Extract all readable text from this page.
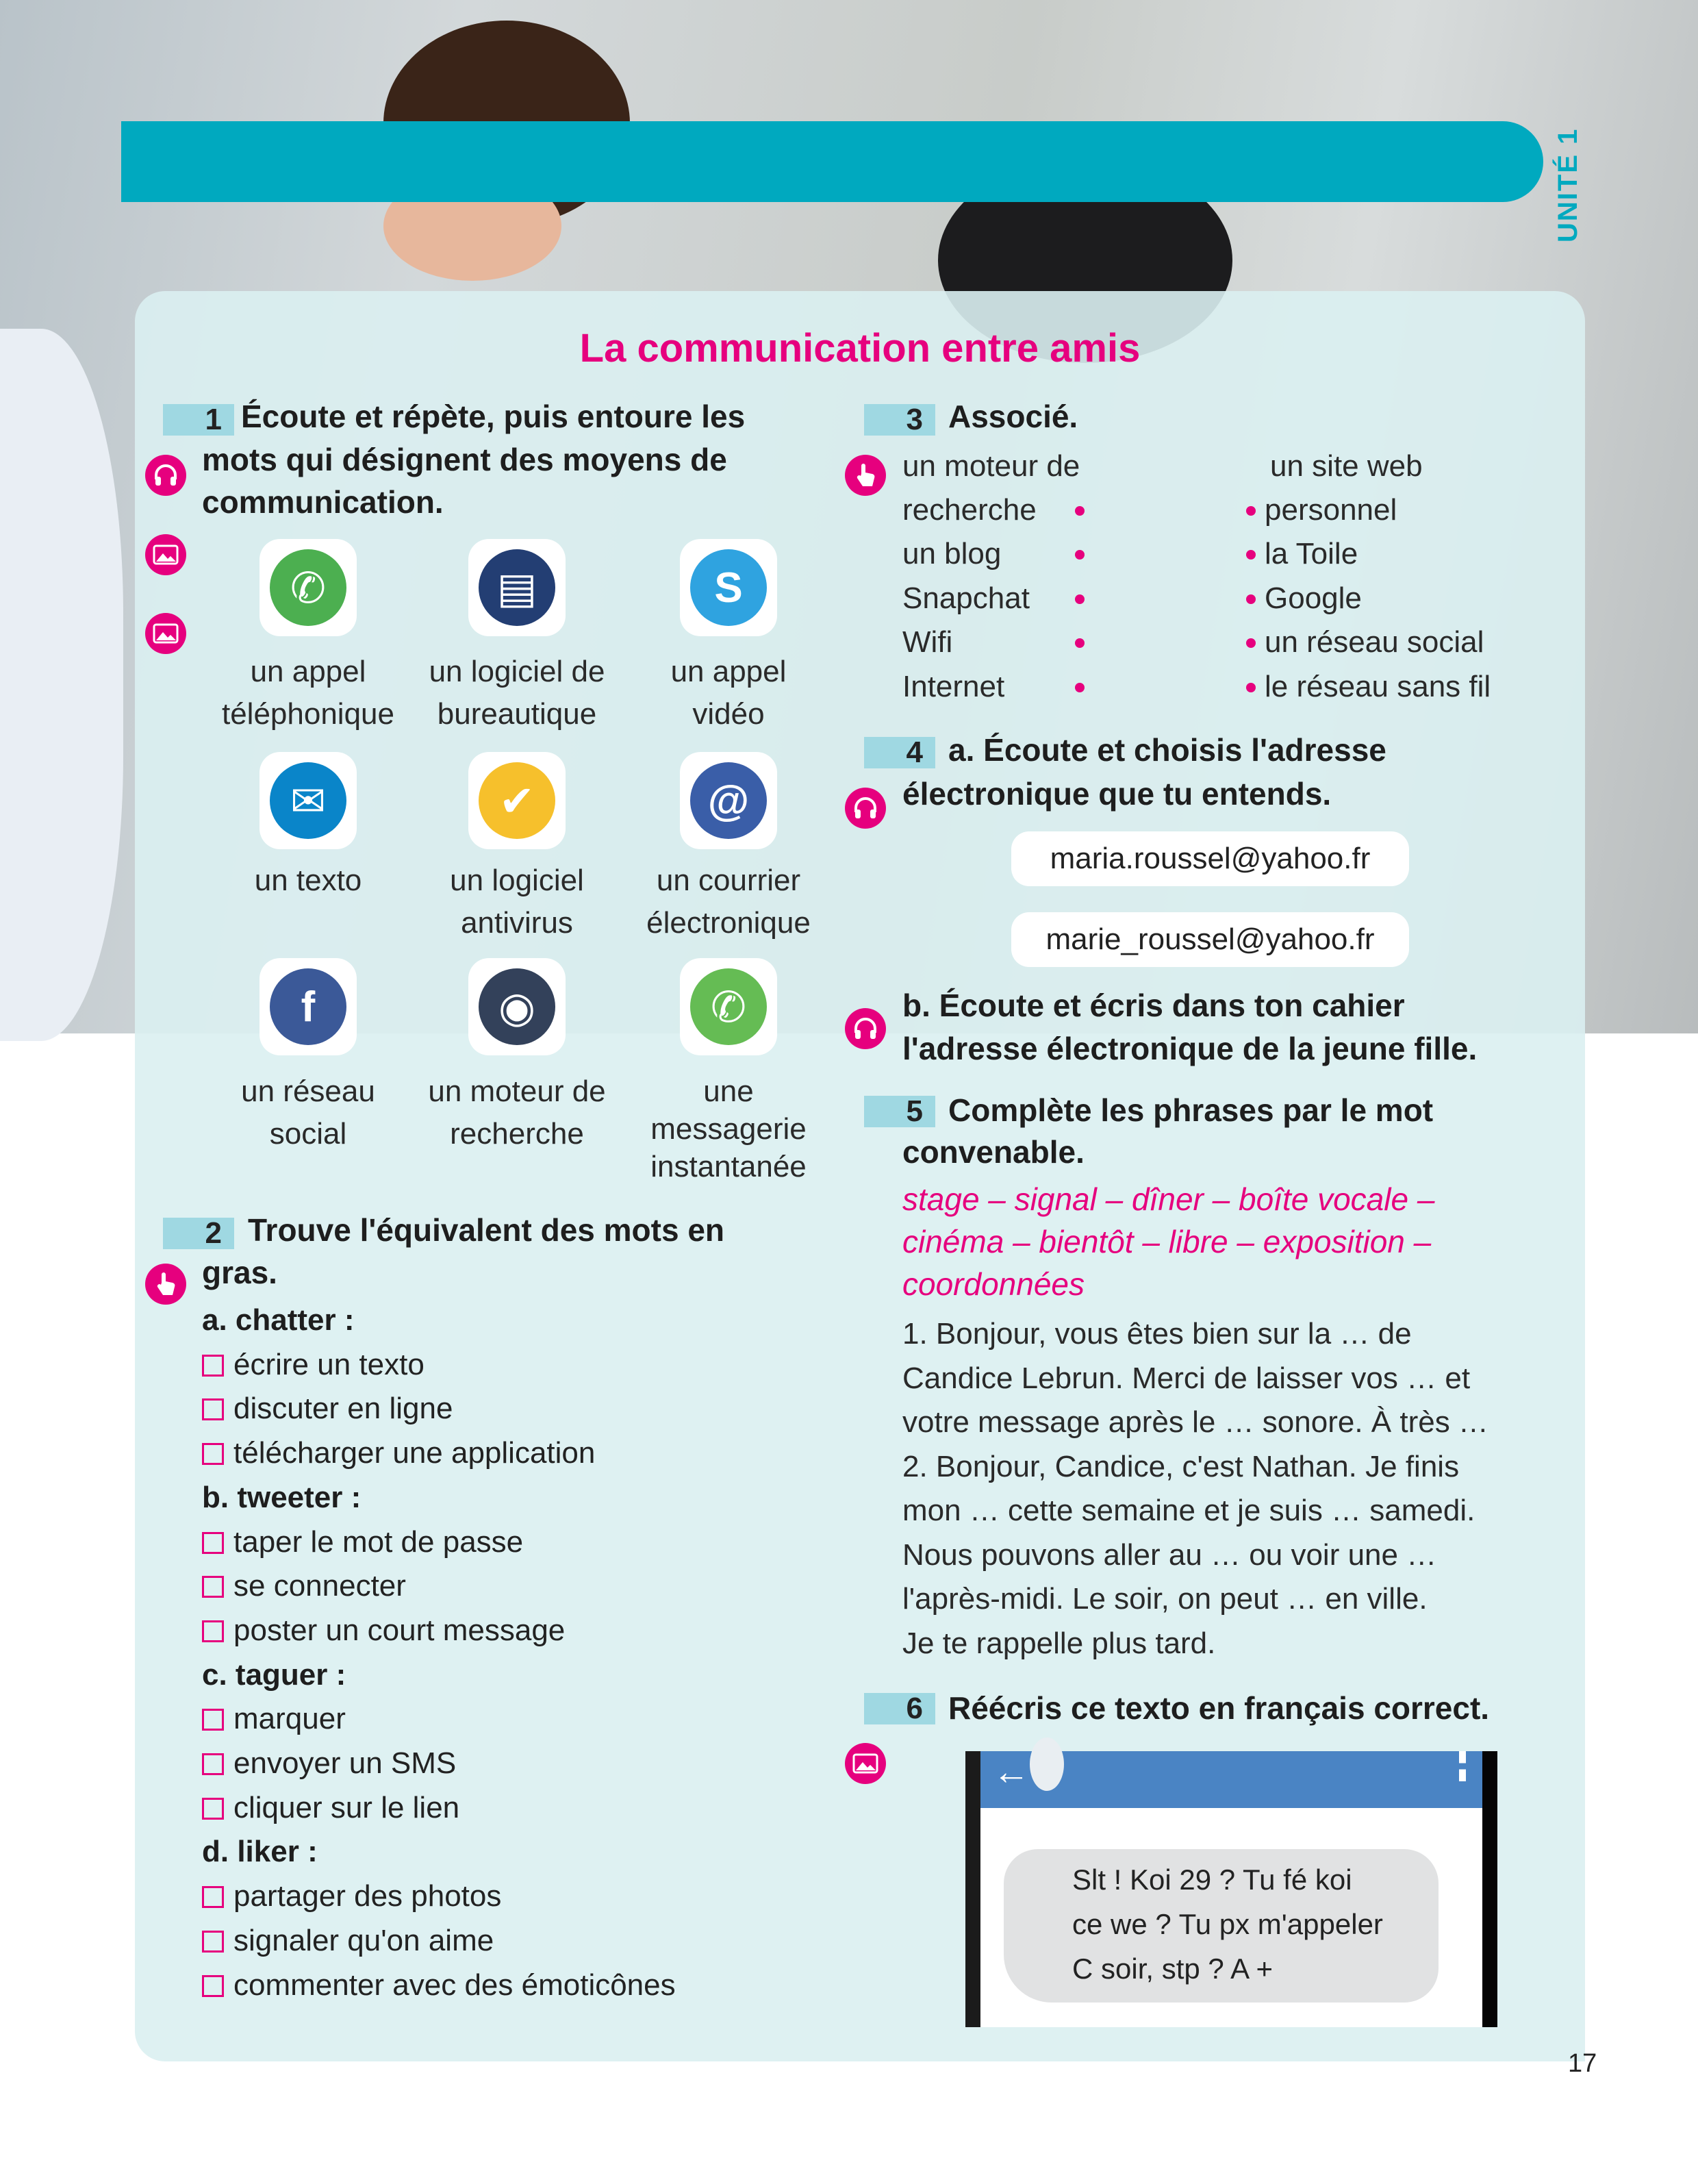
UNITÉ 1
La communication entre amis
1 Écoute et répète, puis entoure les
mots qui désignent des moyens de
communication.
✆
un appel
téléphonique
▤
un logiciel de
bureautique
S
un appel
vidéo
✉
un texto
✔
un logiciel
antivirus
@
un courrier
électronique
f
un réseau
social
◉
un moteur de
recherche
✆
une
messagerie
instantanée
2 Trouve l'équivalent des mots en
gras.
a. chatter :
écrire un texto
discuter en ligne
télécharger une application
b. tweeter :
taper le mot de passe
se connecter
poster un court message
c. taguer :
marquer
envoyer un SMS
cliquer sur le lien
d. liker :
partager des photos
signaler qu'on aime
commenter avec des émoticônes
3 Associé.
un moteur de
recherche
un blog
Snapchat
Wifi
Internet
un site web
personnel
la Toile
Google
un réseau social
le réseau sans fil
4 a. Écoute et choisis l'adresse
électronique que tu entends.
maria.roussel@yahoo.fr
marie_roussel@yahoo.fr
b. Écoute et écris dans ton cahier
l'adresse électronique de la jeune fille.
5 Complète les phrases par le mot
convenable.
stage – signal – dîner – boîte vocale –
cinéma – bientôt – libre – exposition –
coordonnées
1. Bonjour, vous êtes bien sur la … de
Candice Lebrun. Merci de laisser vos … et
votre message après le … sonore. À très …
2. Bonjour, Candice, c'est Nathan. Je finis
mon … cette semaine et je suis … samedi.
Nous pouvons aller au … ou voir une …
l'après-midi. Le soir, on peut … en ville.
Je te rappelle plus tard.
6 Réécris ce texto en français correct.
←
Slt ! Koi 29 ? Tu fé koi
ce we ? Tu px m'appeler
C soir, stp ? A +
17
